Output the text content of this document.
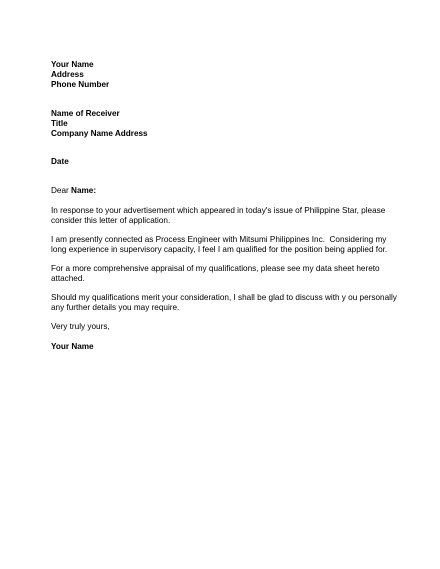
Your Name
Address
Phone Number
Name of Receiver
Title
Company Name Address
Date
Dear Name:
In response to your advertisement which appeared in today's issue of Philippine Star, please
consider this letter of application.
I am presently connected as Process Engineer with Mitsumi Philippines Inc.  Considering my
long experience in supervisory capacity, I feel I am qualified for the position being applied for.
For a more comprehensive appraisal of my qualifications, please see my data sheet hereto
attached.
Should my qualifications merit your consideration, I shall be glad to discuss with y ou personally
any further details you may require.
Very truly yours,
Your Name
